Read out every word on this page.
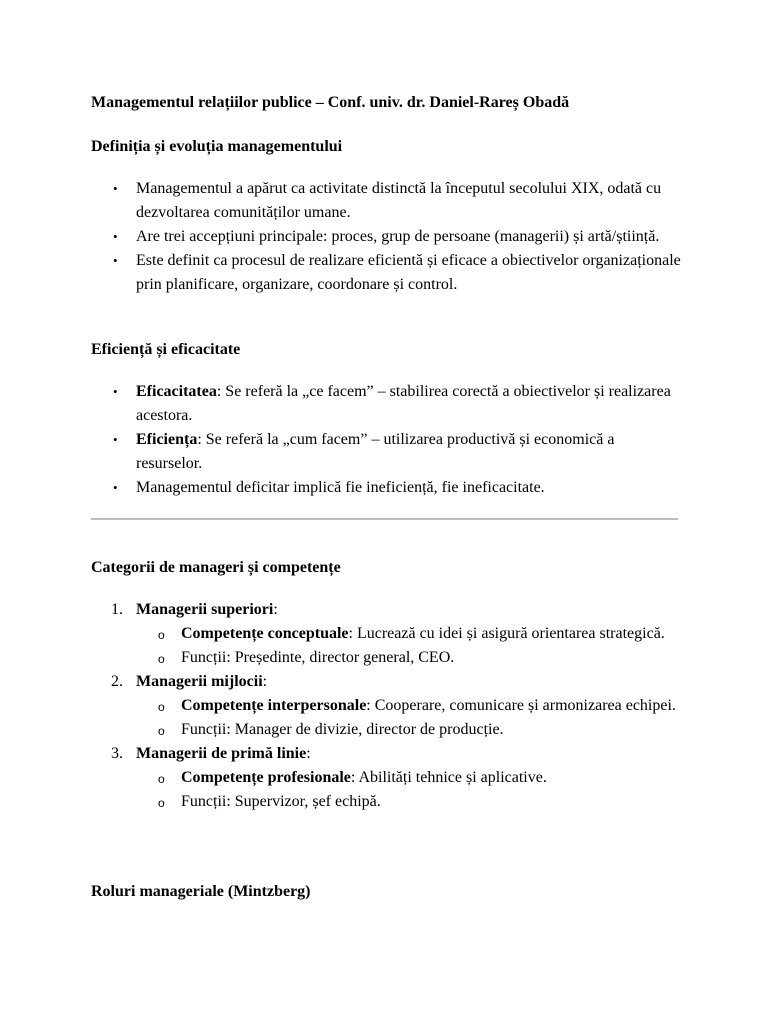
Managementul relațiilor publice – Conf. univ. dr. Daniel-Rareș Obadă

Definiția și evoluția managementului
• Managementul a apărut ca activitate distinctă la începutul secolului XIX, odată cu dezvoltarea comunităților umane.
• Are trei accepțiuni principale: proces, grup de persoane (managerii) și artă/știință.
• Este definit ca procesul de realizare eficientă și eficace a obiectivelor organizaționale prin planificare, organizare, coordonare și control.
Eficiență și eficacitate
• Eficacitatea: Se referă la „ce facem” – stabilirea corectă a obiectivelor și realizarea acestora.
• Eficiența: Se referă la „cum facem” – utilizarea productivă și economică a resurselor.
• Managementul deficitar implică fie ineficiență, fie ineficacitate.
Categorii de manageri și competențe
1. Managerii superiori:
o Competențe conceptuale: Lucrează cu idei și asigură orientarea strategică.
o Funcții: Președinte, director general, CEO.
2. Managerii mijlocii:
o Competențe interpersonale: Cooperare, comunicare și armonizarea echipei.
o Funcții: Manager de divizie, director de producție.
3. Managerii de primă linie:
o Competențe profesionale: Abilități tehnice și aplicative.
o Funcții: Supervizor, șef echipă.
Roluri manageriale (Mintzberg)
